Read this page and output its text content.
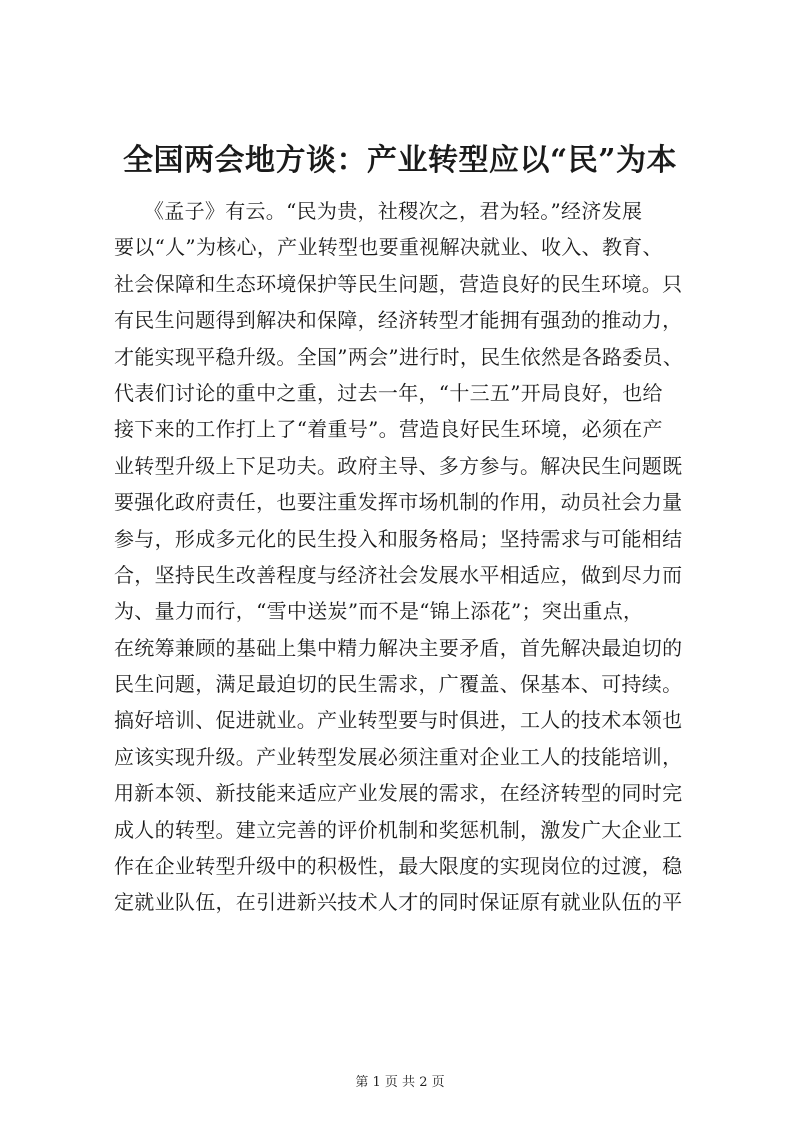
全国两会地方谈：产业转型应以“民”为本
《孟子》有云。“民为贵，社稷次之，君为轻。”经济发展
要以“人”为核心，产业转型也要重视解决就业、收入、教育、
社会保障和生态环境保护等民生问题，营造良好的民生环境。只
有民生问题得到解决和保障，经济转型才能拥有强劲的推动力，
才能实现平稳升级。全国”两会”进行时，民生依然是各路委员、
代表们讨论的重中之重，过去一年，“十三五”开局良好，也给
接下来的工作打上了“着重号”。营造良好民生环境，必须在产
业转型升级上下足功夫。政府主导、多方参与。解决民生问题既
要强化政府责任，也要注重发挥市场机制的作用，动员社会力量
参与，形成多元化的民生投入和服务格局；坚持需求与可能相结
合，坚持民生改善程度与经济社会发展水平相适应，做到尽力而
为、量力而行，“雪中送炭”而不是“锦上添花”；突出重点，
在统筹兼顾的基础上集中精力解决主要矛盾，首先解决最迫切的
民生问题，满足最迫切的民生需求，广覆盖、保基本、可持续。
搞好培训、促进就业。产业转型要与时俱进，工人的技术本领也
应该实现升级。产业转型发展必须注重对企业工人的技能培训，
用新本领、新技能来适应产业发展的需求，在经济转型的同时完
成人的转型。建立完善的评价机制和奖惩机制，激发广大企业工
作在企业转型升级中的积极性，最大限度的实现岗位的过渡，稳
定就业队伍，在引进新兴技术人才的同时保证原有就业队伍的平
第 1 页 共 2 页
